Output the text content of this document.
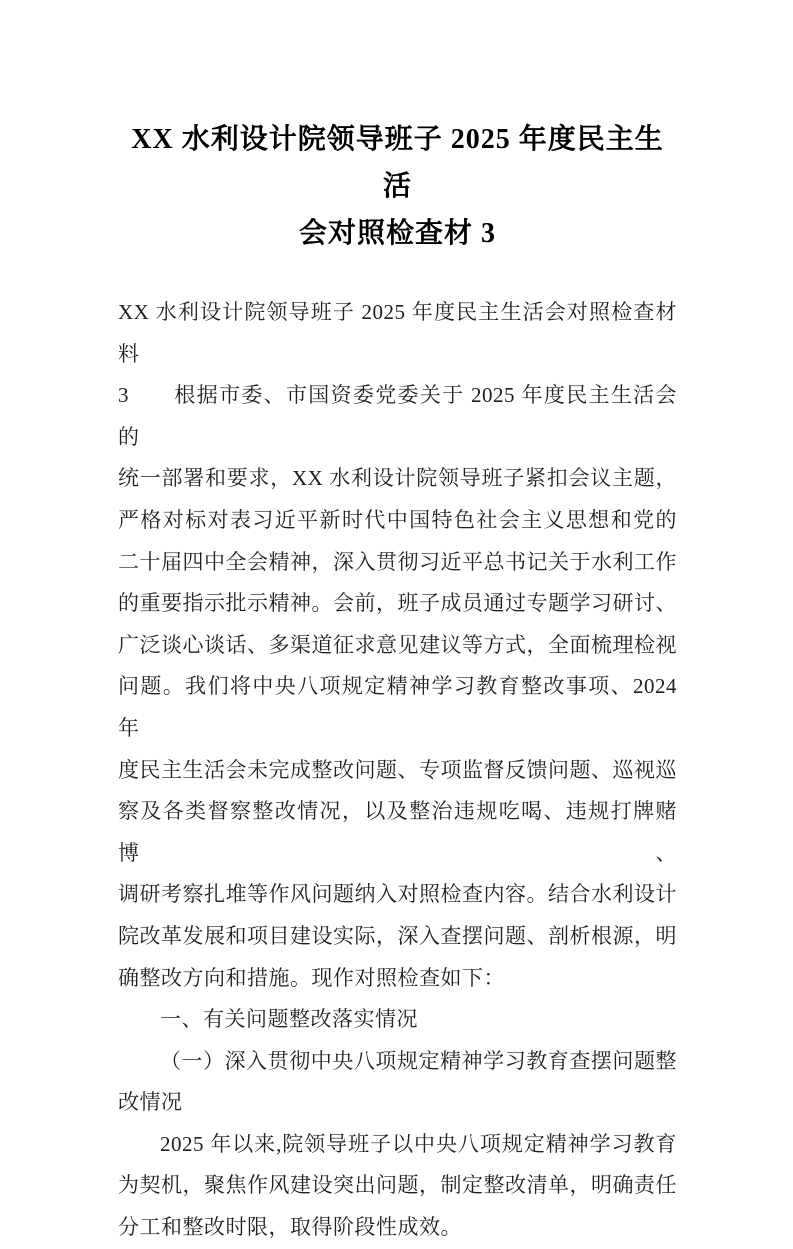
XX 水利设计院领导班子 2025 年度民主生活
会对照检查材 3
XX 水利设计院领导班子 2025 年度民主生活会对照检查材料
3　　根据市委、市国资委党委关于 2025 年度民主生活会的
统一部署和要求，XX 水利设计院领导班子紧扣会议主题，
严格对标对表习近平新时代中国特色社会主义思想和党的
二十届四中全会精神，深入贯彻习近平总书记关于水利工作
的重要指示批示精神。会前，班子成员通过专题学习研讨、
广泛谈心谈话、多渠道征求意见建议等方式，全面梳理检视
问题。我们将中央八项规定精神学习教育整改事项、2024 年
度民主生活会未完成整改问题、专项监督反馈问题、巡视巡
察及各类督察整改情况，以及整治违规吃喝、违规打牌赌博、
调研考察扎堆等作风问题纳入对照检查内容。结合水利设计
院改革发展和项目建设实际，深入查摆问题、剖析根源，明
确整改方向和措施。现作对照检查如下：
一、有关问题整改落实情况
（一）深入贯彻中央八项规定精神学习教育查摆问题整
改情况
2025 年以来,院领导班子以中央八项规定精神学习教育
为契机，聚焦作风建设突出问题，制定整改清单，明确责任
分工和整改时限，取得阶段性成效。
